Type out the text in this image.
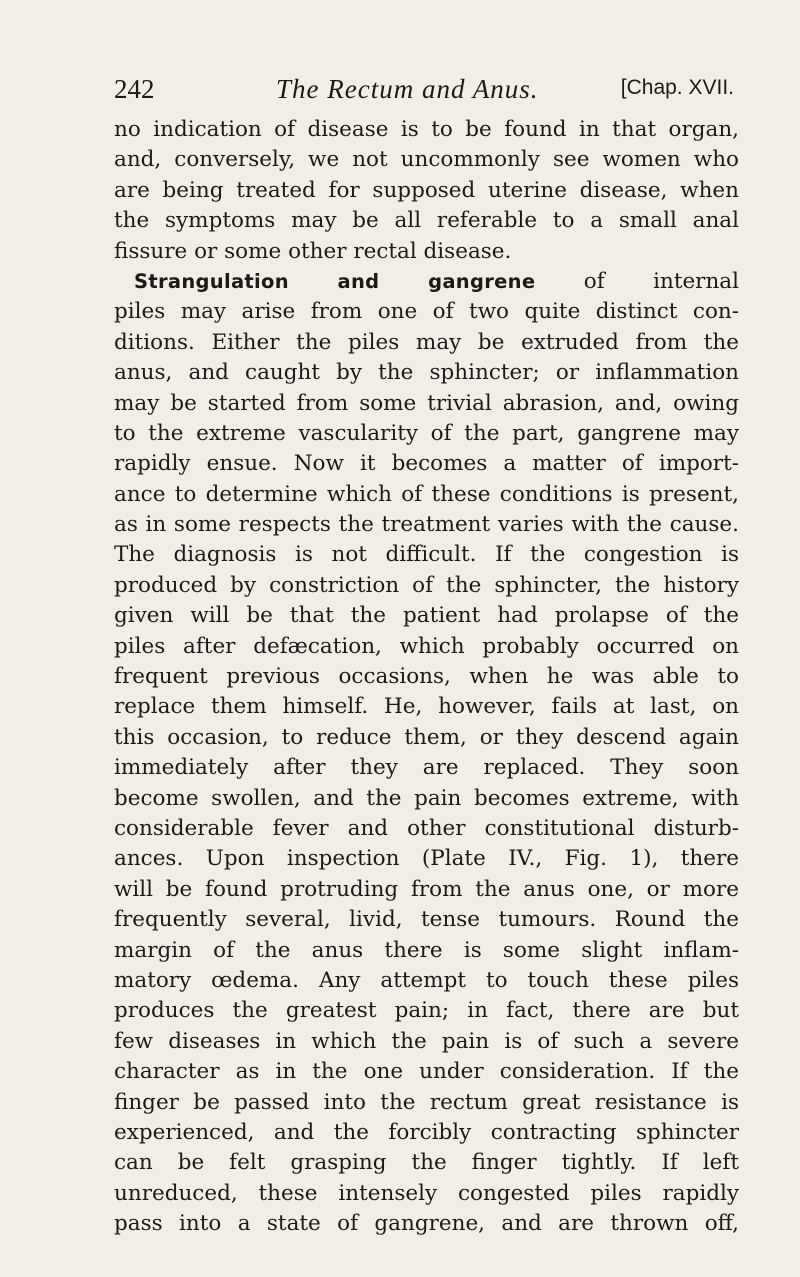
242	The Rectum and Anus.	[Chap. XVII.
no indication of disease is to be found in that organ,
and, conversely, we not uncommonly see women who
are being treated for supposed uterine disease, when
the symptoms may be all referable to a small anal
fissure or some other rectal disease.
Strangulation and gangrene of internal
piles may arise from one of two quite distinct con-
ditions. Either the piles may be extruded from the
anus, and caught by the sphincter; or inflammation
may be started from some trivial abrasion, and, owing
to the extreme vascularity of the part, gangrene may
rapidly ensue. Now it becomes a matter of import-
ance to determine which of these conditions is present,
as in some respects the treatment varies with the cause.
The diagnosis is not difficult. If the congestion is
produced by constriction of the sphincter, the history
given will be that the patient had prolapse of the
piles after defæcation, which probably occurred on
frequent previous occasions, when he was able to
replace them himself. He, however, fails at last, on
this occasion, to reduce them, or they descend again
immediately after they are replaced. They soon
become swollen, and the pain becomes extreme, with
considerable fever and other constitutional disturb-
ances. Upon inspection (Plate IV., Fig. 1), there
will be found protruding from the anus one, or more
frequently several, livid, tense tumours. Round the
margin of the anus there is some slight inflam-
matory œdema. Any attempt to touch these piles
produces the greatest pain; in fact, there are but
few diseases in which the pain is of such a severe
character as in the one under consideration. If the
finger be passed into the rectum great resistance is
experienced, and the forcibly contracting sphincter
can be felt grasping the finger tightly. If left
unreduced, these intensely congested piles rapidly
pass into a state of gangrene, and are thrown off,
